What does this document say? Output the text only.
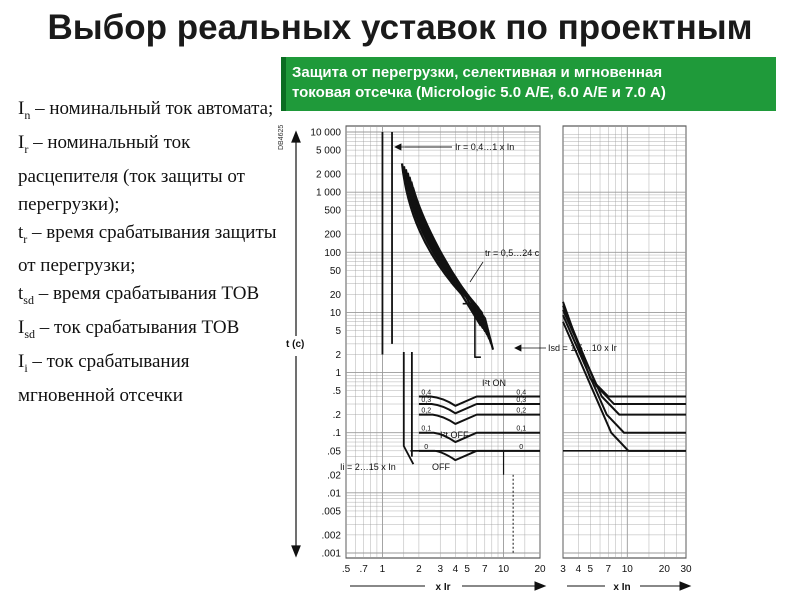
Выбор реальных уставок по проектным

$I_n$ – номинальный ток автомата;

$I_r$ – номинальный ток расцепителя (ток защиты от перегрузки);

$t_r$ – время срабатывания защиты от перегрузки;

$t_{sd}$ – время срабатывания ТОВ

$I_{sd}$ – ток срабатывания ТОВ

$I_i$ – ток срабатывания мгновенной отсечки

Защита от перегрузки, селективная и мгновенная
токовая отсечка (Micrologic 5.0 A/E, 6.0 A/E и 7.0 A)
DB4625
t (c)
10 000
5 000
2 000
1 000
500
200
100
50
20
10
5
2
1
.5
.2
.1
.05
.02
.01
.005
.002
.001
.5 .7 1	2 3 4 5 7 10	20 3 4 5 7 10	20 30
x Ir	x In
0,4	0,4
0,3	0,3
0,2	0,2
0,1	0,1
0	0
Ir = 0,4…1 x In
tr = 0,5…24 c
Isd = 1,5…10 x Ir
I²t ON
I²t OFF
Ii = 2…15 x In	OFF
